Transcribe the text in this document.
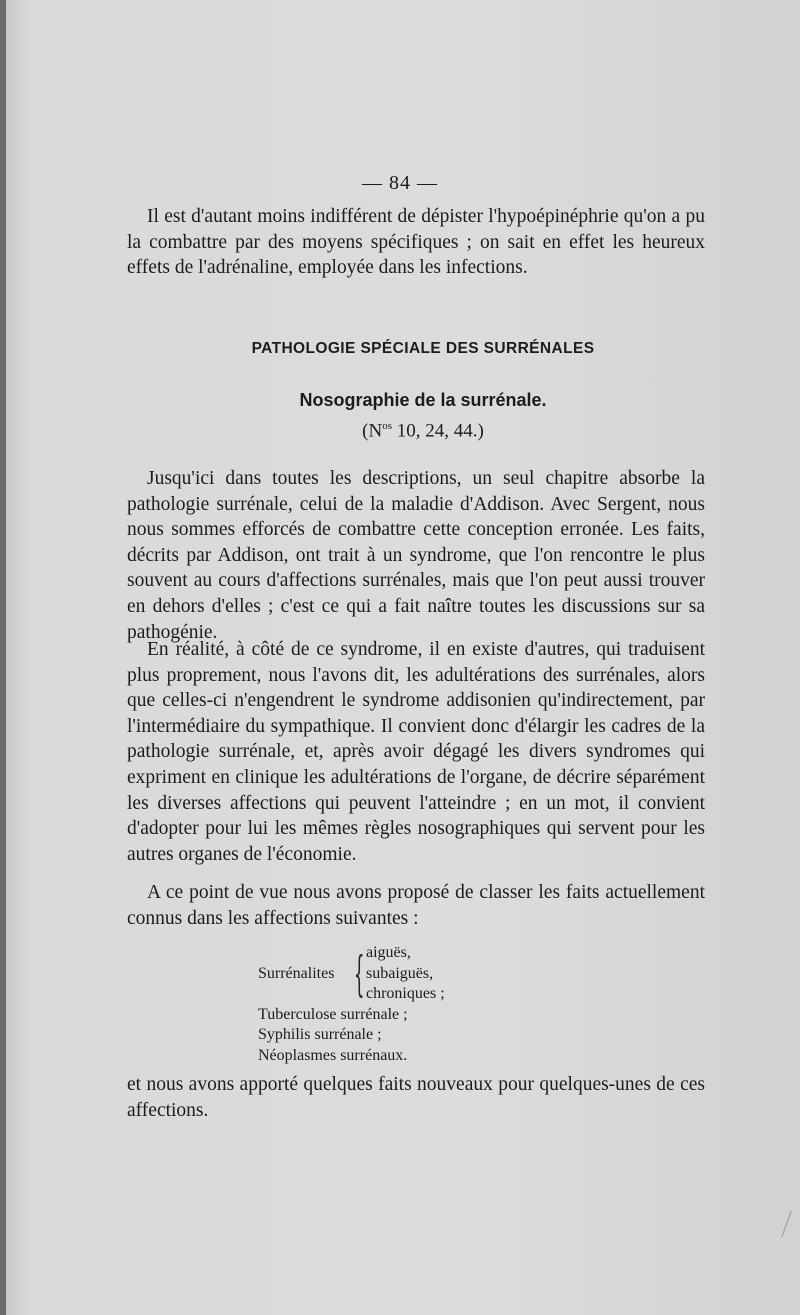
— 84 —

Il est d'autant moins indifférent de dépister l'hypoépinéphrie qu'on a pu la combattre par des moyens spécifiques ; on sait en effet les heureux effets de l'adrénaline, employée dans les infections.

PATHOLOGIE SPÉCIALE DES SURRÉNALES
Nosographie de la surrénale.
($N^{os}$ 10, 24, 44.)

Jusqu'ici dans toutes les descriptions, un seul chapitre absorbe la pathologie surrénale, celui de la maladie d'Addison. Avec Sergent, nous nous sommes efforcés de combattre cette conception erronée. Les faits, décrits par Addison, ont trait à un syndrome, que l'on rencontre le plus souvent au cours d'affections surrénales, mais que l'on peut aussi trouver en dehors d'elles ; c'est ce qui a fait naître toutes les discussions sur sa pathogénie.

En réalité, à côté de ce syndrome, il en existe d'autres, qui traduisent plus proprement, nous l'avons dit, les adultérations des surrénales, alors que celles-ci n'engendrent le syndrome addisonien qu'indirectement, par l'intermédiaire du sympathique. Il convient donc d'élargir les cadres de la pathologie surrénale, et, après avoir dégagé les divers syndromes qui expriment en clinique les adultérations de l'organe, de décrire séparément les diverses affections qui peuvent l'atteindre ; en un mot, il convient d'adopter pour lui les mêmes règles nosographiques qui servent pour les autres organes de l'économie.

A ce point de vue nous avons proposé de classer les faits actuellement connus dans les affections suivantes :

Surrénalites { aiguës,
subaiguës,
chroniques ;
Tuberculose surrénale ;
Syphilis surrénale ;
Néoplasmes surrénaux.

et nous avons apporté quelques faits nouveaux pour quelques-unes de ces affections.
